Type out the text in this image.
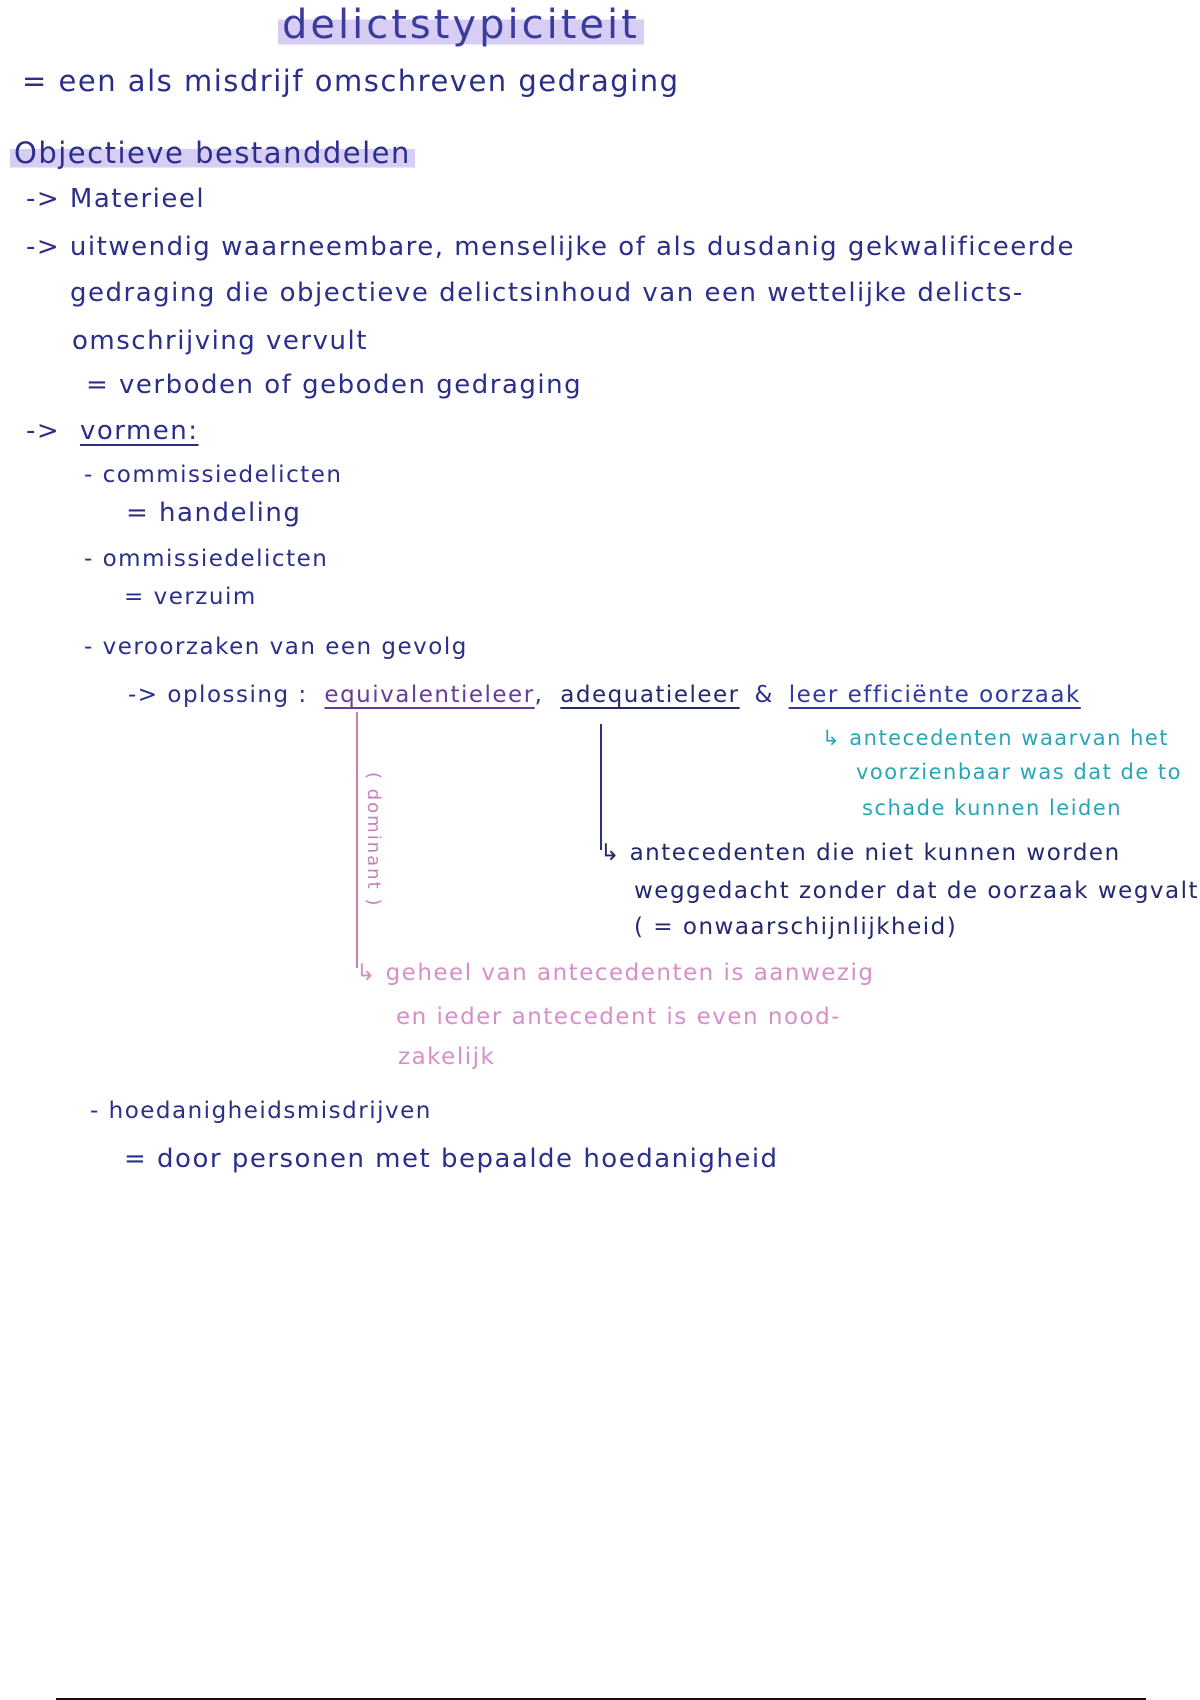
delictstypiciteit
= een als misdrijf omschreven gedraging
Objectieve bestanddelen
-> Materieel
-> uitwendig waarneembare, menselijke of als dusdanig gekwalificeerde
gedraging die objectieve delictsinhoud van een wettelijke delicts-
omschrijving vervult
= verboden of geboden gedraging
-> vormen:
- commissiedelicten
= handeling
- ommissiedelicten
= verzuim
- veroorzaken van een gevolg
-> oplossing : equivalentieleer, adequatieleer & leer efficiënte oorzaak
↳ antecedenten waarvan het
voorzienbaar was dat de to
schade kunnen leiden
↳ antecedenten die niet kunnen worden
weggedacht zonder dat de oorzaak wegvalt
( = onwaarschijnlijkheid)
( dominant )
↳ geheel van antecedenten is aanwezig
en ieder antecedent is even nood-
zakelijk
- hoedanigheidsmisdrijven
= door personen met bepaalde hoedanigheid
